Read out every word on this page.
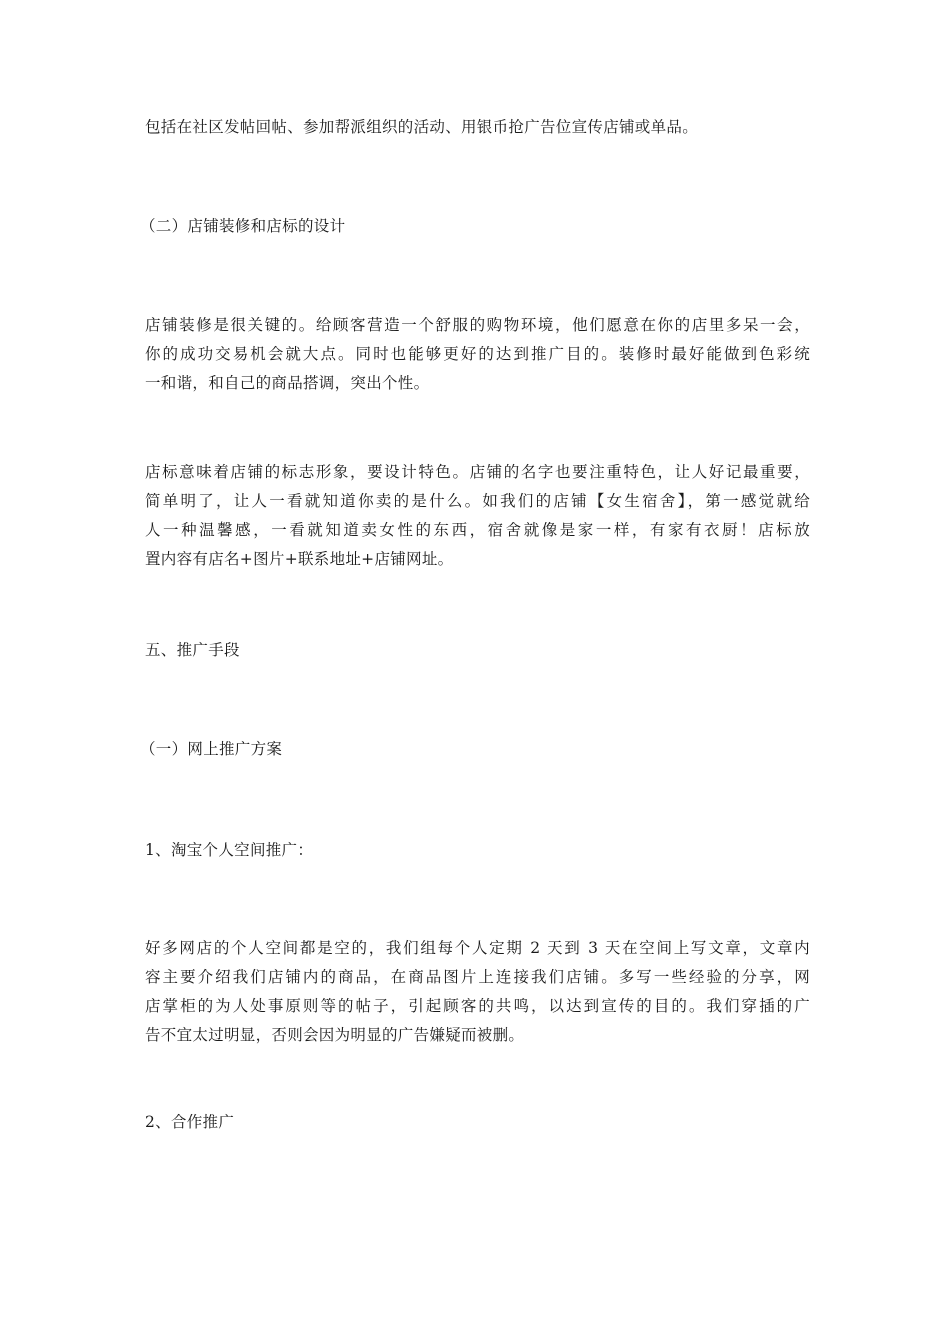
包括在社区发帖回帖、参加帮派组织的活动、用银币抢广告位宣传店铺或单品。

（二）店铺装修和店标的设计

店铺装修是很关键的。给顾客营造一个舒服的购物环境，他们愿意在你的店里多呆一会，
你的成功交易机会就大点。同时也能够更好的达到推广目的。装修时最好能做到色彩统
一和谐，和自己的商品搭调，突出个性。
店标意味着店铺的标志形象，要设计特色。店铺的名字也要注重特色，让人好记最重要，
简单明了，让人一看就知道你卖的是什么。如我们的店铺【女生宿舍】，第一感觉就给
人一种温馨感，一看就知道卖女性的东西，宿舍就像是家一样，有家有衣厨！店标放
置内容有店名+图片+联系地址+店铺网址。

五、推广手段

（一）网上推广方案

1、淘宝个人空间推广：

好多网店的个人空间都是空的，我们组每个人定期 2 天到 3 天在空间上写文章，文章内
容主要介绍我们店铺内的商品，在商品图片上连接我们店铺。多写一些经验的分享，网
店掌柜的为人处事原则等的帖子，引起顾客的共鸣，以达到宣传的目的。我们穿插的广
告不宜太过明显，否则会因为明显的广告嫌疑而被删。

2、合作推广
